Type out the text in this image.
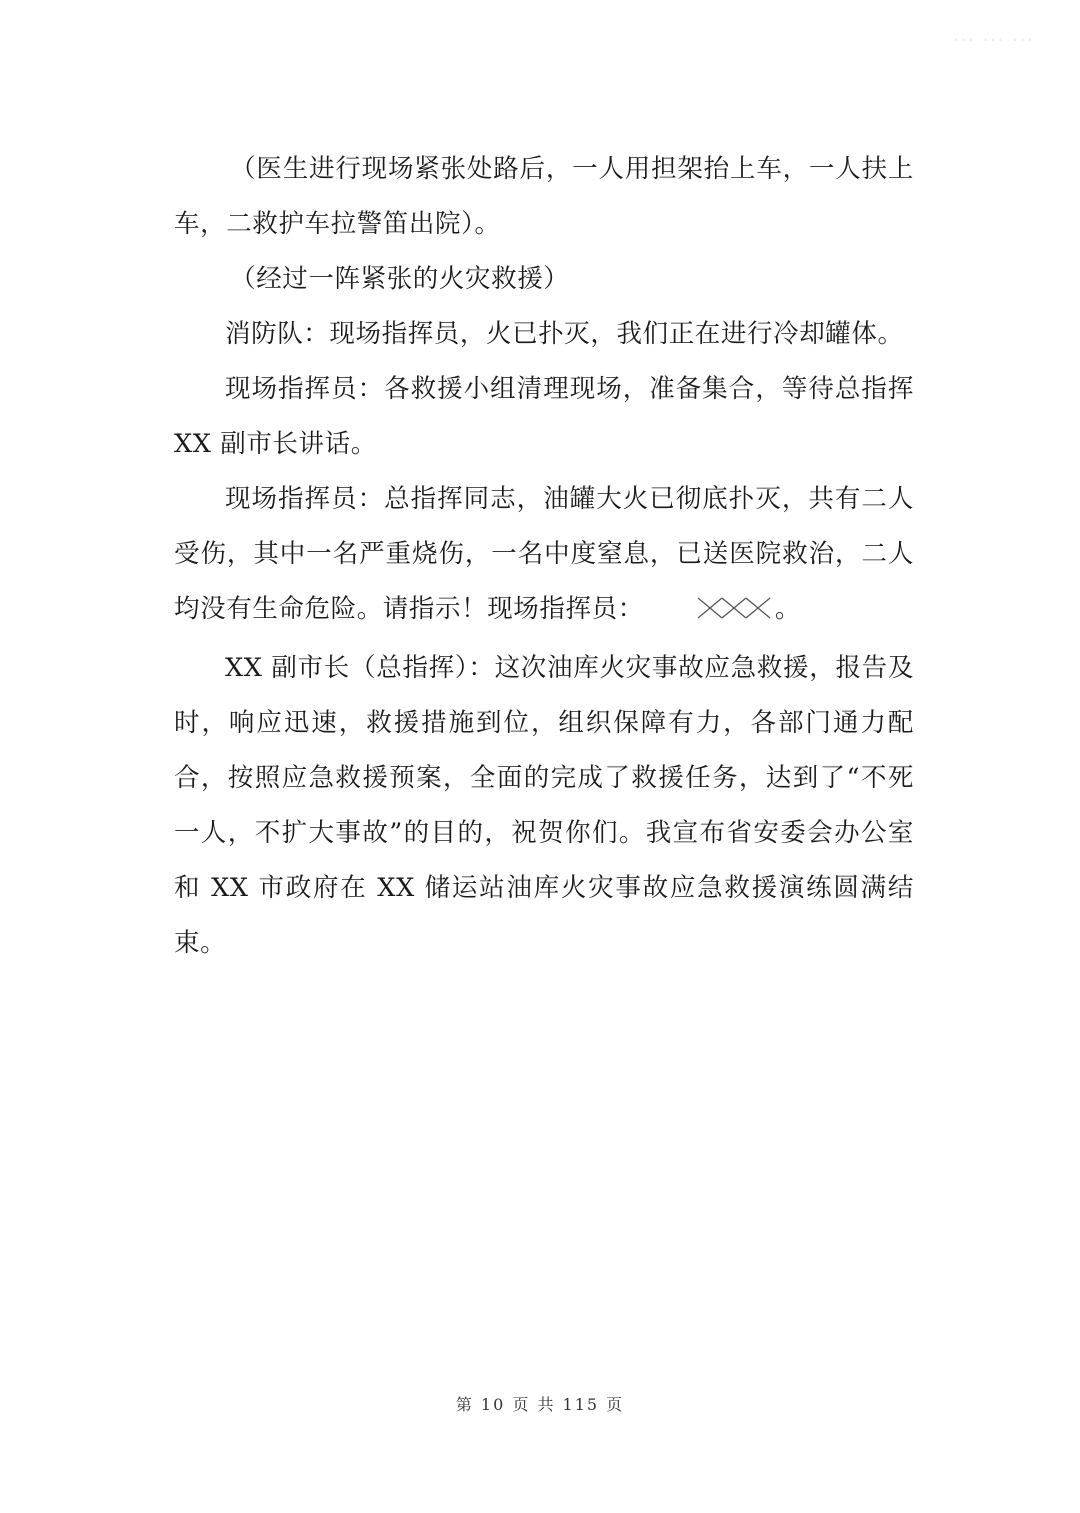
··· ··· ···

（医生进行现场紧张处路后，一人用担架抬上车，一人扶上车，二救护车拉警笛出院）。

（经过一阵紧张的火灾救援）

消防队：现场指挥员，火已扑灭，我们正在进行冷却罐体。

现场指挥员：各救援小组清理现场，准备集合，等待总指挥 XX 副市长讲话。

现场指挥员：总指挥同志，油罐大火已彻底扑灭，共有二人受伤，其中一名严重烧伤，一名中度窒息，已送医院救治，二人均没有生命危险。请指示！现场指挥员：	。

XX 副市长（总指挥）：这次油库火灾事故应急救援，报告及时，响应迅速，救援措施到位，组织保障有力，各部门通力配合，按照应急救援预案，全面的完成了救援任务，达到了“不死一人，不扩大事故”的目的，祝贺你们。我宣布省安委会办公室和 XX 市政府在 XX 储运站油库火灾事故应急救援演练圆满结束。

第 10 页 共 115 页
